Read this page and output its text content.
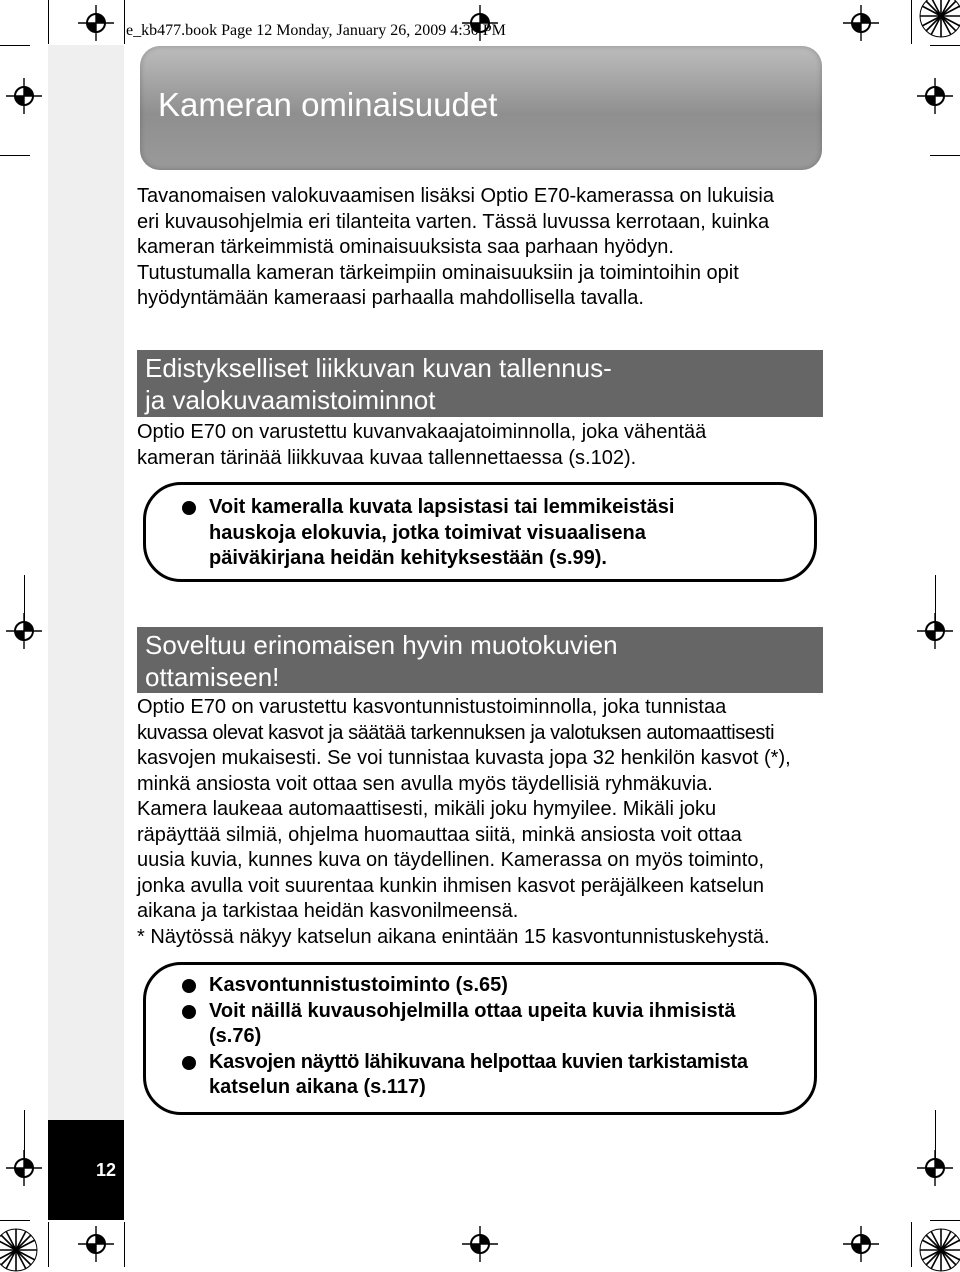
12
e_kb477.book Page 12 Monday, January 26, 2009 4:30 PM
Kameran ominaisuudet
Tavanomaisen valokuvaamisen lisäksi Optio E70-kamerassa on lukuisia
eri kuvausohjelmia eri tilanteita varten. Tässä luvussa kerrotaan, kuinka
kameran tärkeimmistä ominaisuuksista saa parhaan hyödyn.
Tutustumalla kameran tärkeimpiin ominaisuuksiin ja toimintoihin opit
hyödyntämään kameraasi parhaalla mahdollisella tavalla.
Edistykselliset liikkuvan kuvan tallennus-
ja valokuvaamistoiminnot
Optio E70 on varustettu kuvanvakaajatoiminnolla, joka vähentää
kameran tärinää liikkuvaa kuvaa tallennettaessa (s.102).
Voit kameralla kuvata lapsistasi tai lemmikeistäsi
hauskoja elokuvia, jotka toimivat visuaalisena
päiväkirjana heidän kehityksestään (s.99).
Soveltuu erinomaisen hyvin muotokuvien
ottamiseen!
Optio E70 on varustettu kasvontunnistustoiminnolla, joka tunnistaa
kuvassa olevat kasvot ja säätää tarkennuksen ja valotuksen automaattisesti
kasvojen mukaisesti. Se voi tunnistaa kuvasta jopa 32 henkilön kasvot (*),
minkä ansiosta voit ottaa sen avulla myös täydellisiä ryhmäkuvia.
Kamera laukeaa automaattisesti, mikäli joku hymyilee. Mikäli joku
räpäyttää silmiä, ohjelma huomauttaa siitä, minkä ansiosta voit ottaa
uusia kuvia, kunnes kuva on täydellinen. Kamerassa on myös toiminto,
jonka avulla voit suurentaa kunkin ihmisen kasvot peräjälkeen katselun
aikana ja tarkistaa heidän kasvonilmeensä.
* Näytössä näkyy katselun aikana enintään 15 kasvontunnistuskehystä.
Kasvontunnistustoiminto (s.65)
Voit näillä kuvausohjelmilla ottaa upeita kuvia ihmisistä
(s.76)
Kasvojen näyttö lähikuvana helpottaa kuvien tarkistamista
katselun aikana (s.117)
